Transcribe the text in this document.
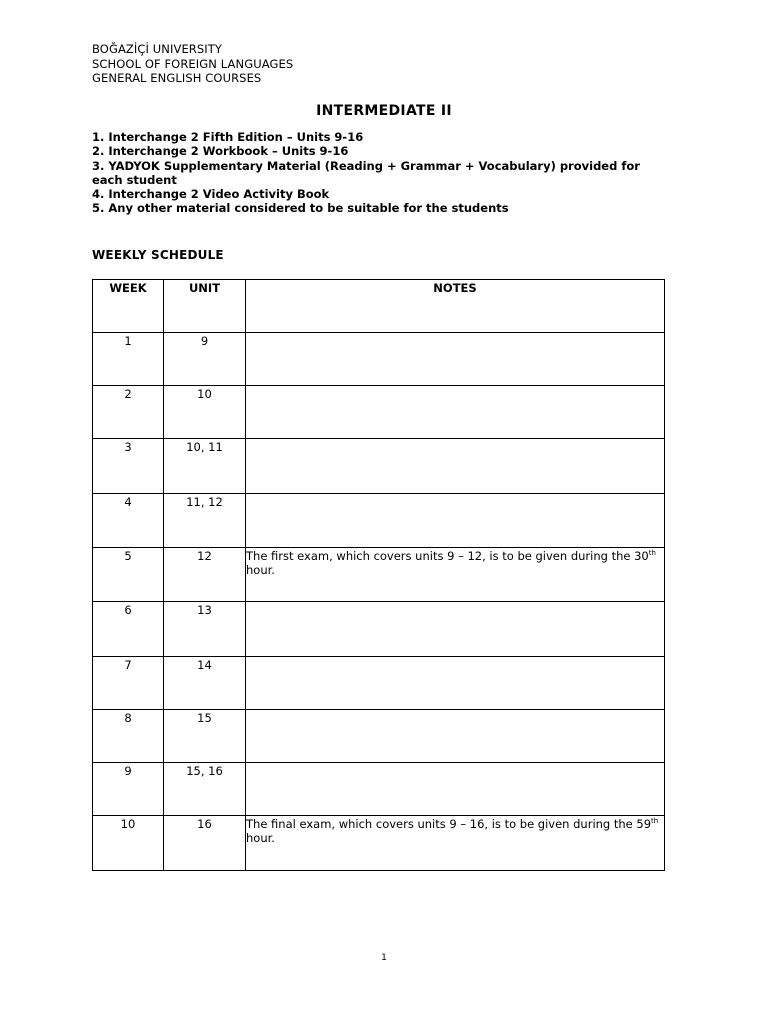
BOĞAZİÇİ UNIVERSITY
SCHOOL OF FOREIGN LANGUAGES
GENERAL ENGLISH COURSES
INTERMEDIATE II
1. Interchange 2 Fifth Edition – Units 9-16
2. Interchange 2 Workbook – Units 9-16
3. YADYOK Supplementary Material (Reading + Grammar + Vocabulary) provided for each student
4. Interchange 2 Video Activity Book
5. Any other material considered to be suitable for the students
WEEKLY SCHEDULE
WEEK	UNIT	NOTES
1	9	
2	10	
3	10, 11	
4	11, 12	
5	12	The first exam, which covers units 9 – 12, is to be given during the 30th hour.
6	13	
7	14	
8	15	
9	15, 16	
10	16	The final exam, which covers units 9 – 16, is to be given during the 59th hour.
1
